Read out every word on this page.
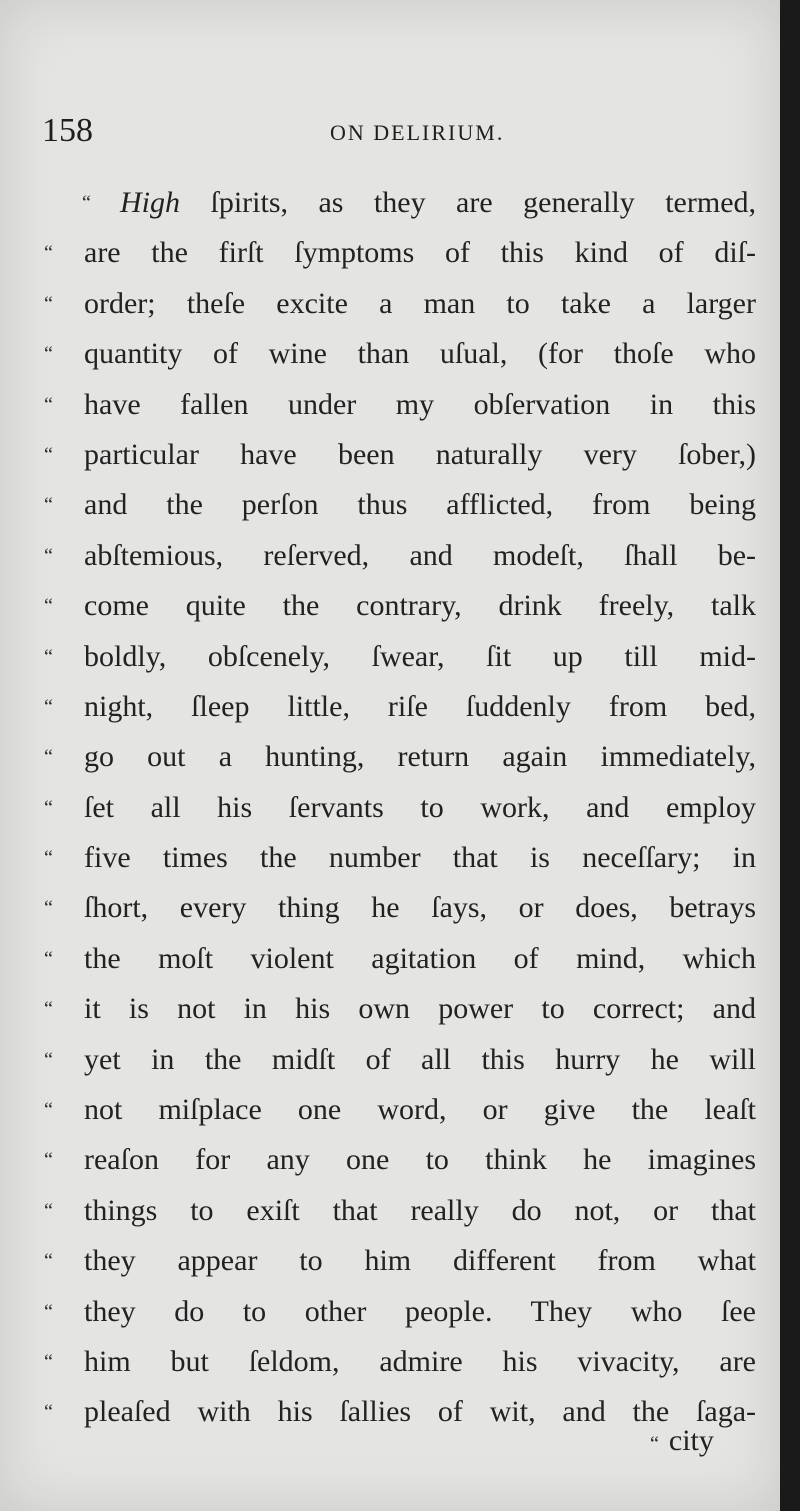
158	ON DELIRIUM.
“ High ſpirits, as they are generally termed,
“	are the firſt ſymptoms of this kind of diſ-
“	order; theſe excite a man to take a larger
“	quantity of wine than uſual, (for thoſe who
“	have fallen under my obſervation in this
“	particular have been naturally very ſober,)
“	and the perſon thus afflicted, from being
“	abſtemious, reſerved, and modeſt, ſhall be-
“	come quite the contrary, drink freely, talk
“	boldly, obſcenely, ſwear, ſit up till mid-
“	night, ſleep little, riſe ſuddenly from bed,
“	go out a hunting, return again immediately,
“	ſet all his ſervants to work, and employ
“	five times the number that is neceſſary; in
“	ſhort, every thing he ſays, or does, betrays
“	the moſt violent agitation of mind, which
“	it is not in his own power to correct; and
“	yet in the midſt of all this hurry he will
“	not miſplace one word, or give the leaſt
“	reaſon for any one to think he imagines
“	things to exiſt that really do not, or that
“	they appear to him different from what
“	they do to other people. They who ſee
“	him but ſeldom, admire his vivacity, are
“	pleaſed with his ſallies of wit, and the ſaga-
“ city
